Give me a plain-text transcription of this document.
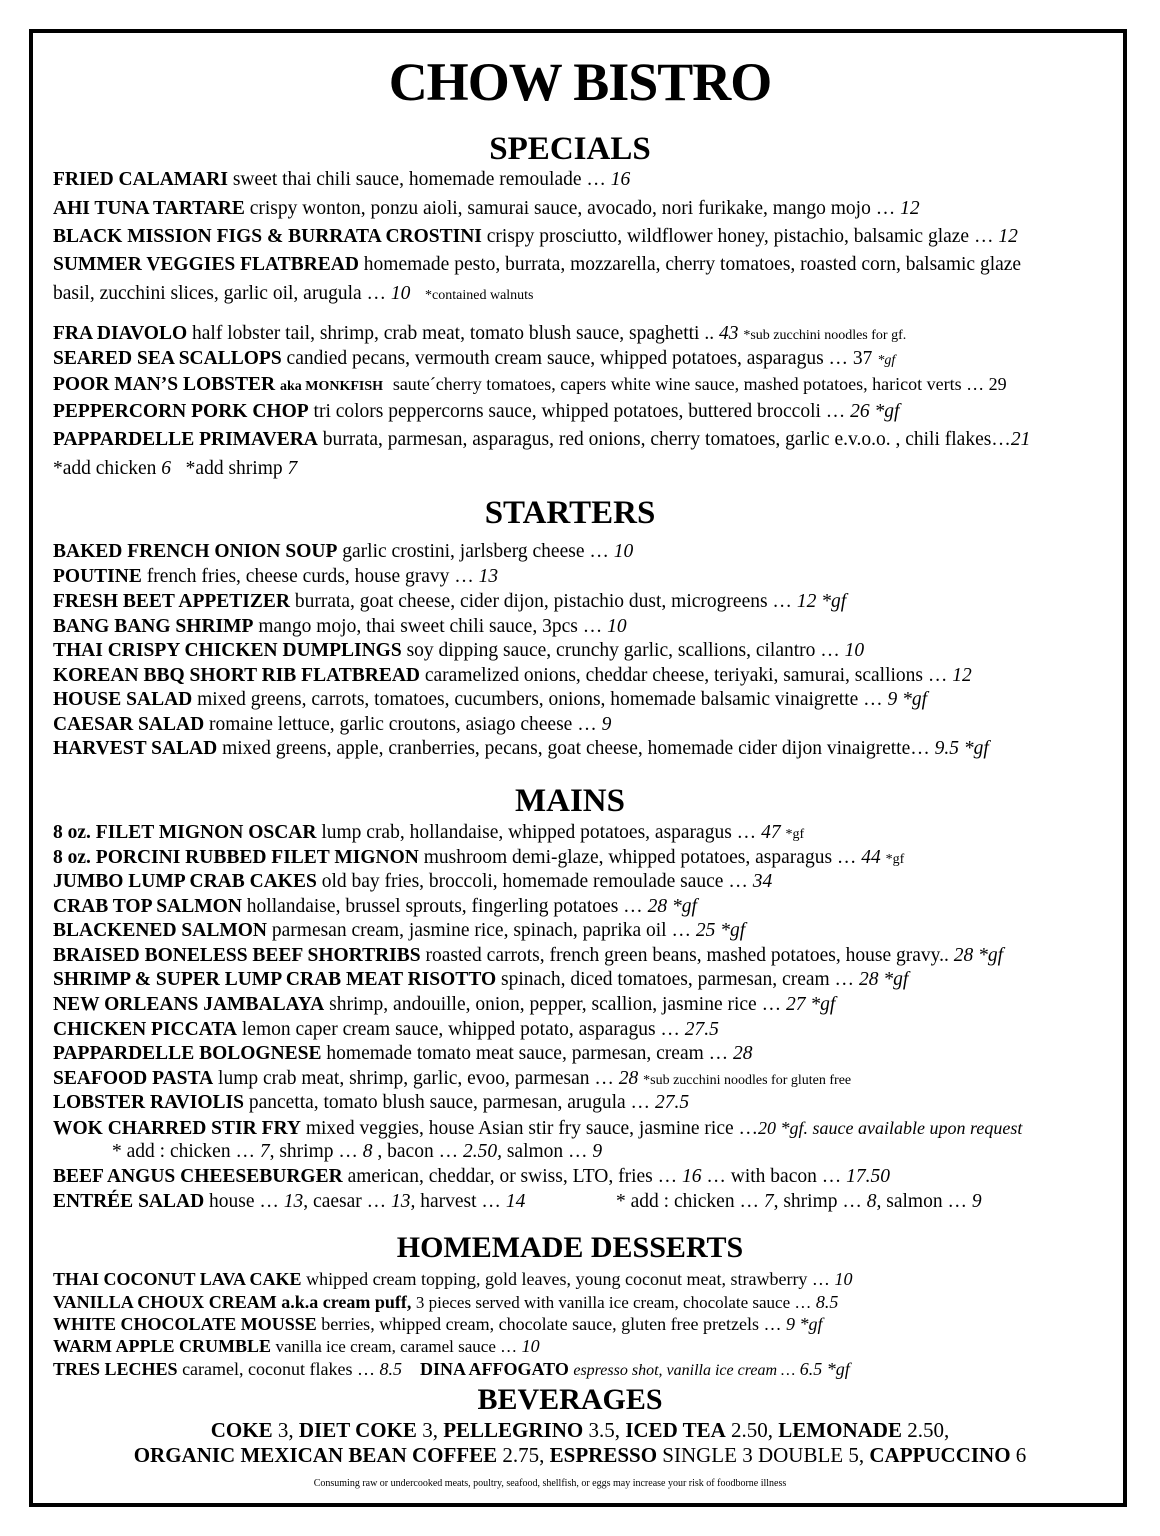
CHOW BISTRO
SPECIALS
FRIED CALAMARI sweet thai chili sauce, homemade remoulade … 16
AHI TUNA TARTARE crispy wonton, ponzu aioli, samurai sauce, avocado, nori furikake, mango mojo … 12
BLACK MISSION FIGS & BURRATA CROSTINI crispy prosciutto, wildflower honey, pistachio, balsamic glaze … 12
SUMMER VEGGIES FLATBREAD homemade pesto, burrata, mozzarella, cherry tomatoes, roasted corn, balsamic glaze
basil, zucchini slices, garlic oil, arugula … 10 *contained walnuts
FRA DIAVOLO half lobster tail, shrimp, crab meat, tomato blush sauce, spaghetti .. 43 *sub zucchini noodles for gf.
SEARED SEA SCALLOPS candied pecans, vermouth cream sauce, whipped potatoes, asparagus … 37 *gf
POOR MAN’S LOBSTER aka MONKFISH saute´cherry tomatoes, capers white wine sauce, mashed potatoes, haricot verts … 29
PEPPERCORN PORK CHOP tri colors peppercorns sauce, whipped potatoes, buttered broccoli … 26 *gf
PAPPARDELLE PRIMAVERA burrata, parmesan, asparagus, red onions, cherry tomatoes, garlic e.v.o.o. , chili flakes…21
*add chicken 6 *add shrimp 7
STARTERS
BAKED FRENCH ONION SOUP garlic crostini, jarlsberg cheese … 10
POUTINE french fries, cheese curds, house gravy … 13
FRESH BEET APPETIZER burrata, goat cheese, cider dijon, pistachio dust, microgreens … 12 *gf
BANG BANG SHRIMP mango mojo, thai sweet chili sauce, 3pcs … 10
THAI CRISPY CHICKEN DUMPLINGS soy dipping sauce, crunchy garlic, scallions, cilantro … 10
KOREAN BBQ SHORT RIB FLATBREAD caramelized onions, cheddar cheese, teriyaki, samurai, scallions … 12
HOUSE SALAD mixed greens, carrots, tomatoes, cucumbers, onions, homemade balsamic vinaigrette … 9 *gf
CAESAR SALAD romaine lettuce, garlic croutons, asiago cheese … 9
HARVEST SALAD mixed greens, apple, cranberries, pecans, goat cheese, homemade cider dijon vinaigrette… 9.5 *gf
MAINS
8 oz. FILET MIGNON OSCAR lump crab, hollandaise, whipped potatoes, asparagus … 47 *gf
8 oz. PORCINI RUBBED FILET MIGNON mushroom demi-glaze, whipped potatoes, asparagus … 44 *gf
JUMBO LUMP CRAB CAKES old bay fries, broccoli, homemade remoulade sauce … 34
CRAB TOP SALMON hollandaise, brussel sprouts, fingerling potatoes … 28 *gf
BLACKENED SALMON parmesan cream, jasmine rice, spinach, paprika oil … 25 *gf
BRAISED BONELESS BEEF SHORTRIBS roasted carrots, french green beans, mashed potatoes, house gravy.. 28 *gf
SHRIMP & SUPER LUMP CRAB MEAT RISOTTO spinach, diced tomatoes, parmesan, cream … 28 *gf
NEW ORLEANS JAMBALAYA shrimp, andouille, onion, pepper, scallion, jasmine rice … 27 *gf
CHICKEN PICCATA lemon caper cream sauce, whipped potato, asparagus … 27.5
PAPPARDELLE BOLOGNESE homemade tomato meat sauce, parmesan, cream … 28
SEAFOOD PASTA lump crab meat, shrimp, garlic, evoo, parmesan … 28 *sub zucchini noodles for gluten free
LOBSTER RAVIOLIS pancetta, tomato blush sauce, parmesan, arugula … 27.5
WOK CHARRED STIR FRY mixed veggies, house Asian stir fry sauce, jasmine rice …20 *gf. sauce available upon request
* add : chicken … 7, shrimp … 8 , bacon … 2.50, salmon … 9
BEEF ANGUS CHEESEBURGER american, cheddar, or swiss, LTO, fries … 16 … with bacon … 17.50
ENTRÉE SALAD house … 13, caesar … 13, harvest … 14	* add : chicken … 7, shrimp … 8, salmon … 9
HOMEMADE DESSERTS
THAI COCONUT LAVA CAKE whipped cream topping, gold leaves, young coconut meat, strawberry … 10
VANILLA CHOUX CREAM a.k.a cream puff, 3 pieces served with vanilla ice cream, chocolate sauce … 8.5
WHITE CHOCOLATE MOUSSE berries, whipped cream, chocolate sauce, gluten free pretzels … 9 *gf
WARM APPLE CRUMBLE vanilla ice cream, caramel sauce … 10
TRES LECHES caramel, coconut flakes … 8.5 DINA AFFOGATO espresso shot, vanilla ice cream … 6.5 *gf
BEVERAGES
COKE 3, DIET COKE 3, PELLEGRINO 3.5, ICED TEA 2.50, LEMONADE 2.50,
ORGANIC MEXICAN BEAN COFFEE 2.75, ESPRESSO SINGLE 3 DOUBLE 5, CAPPUCCINO 6
Consuming raw or undercooked meats, poultry, seafood, shellfish, or eggs may increase your risk of foodborne illness
